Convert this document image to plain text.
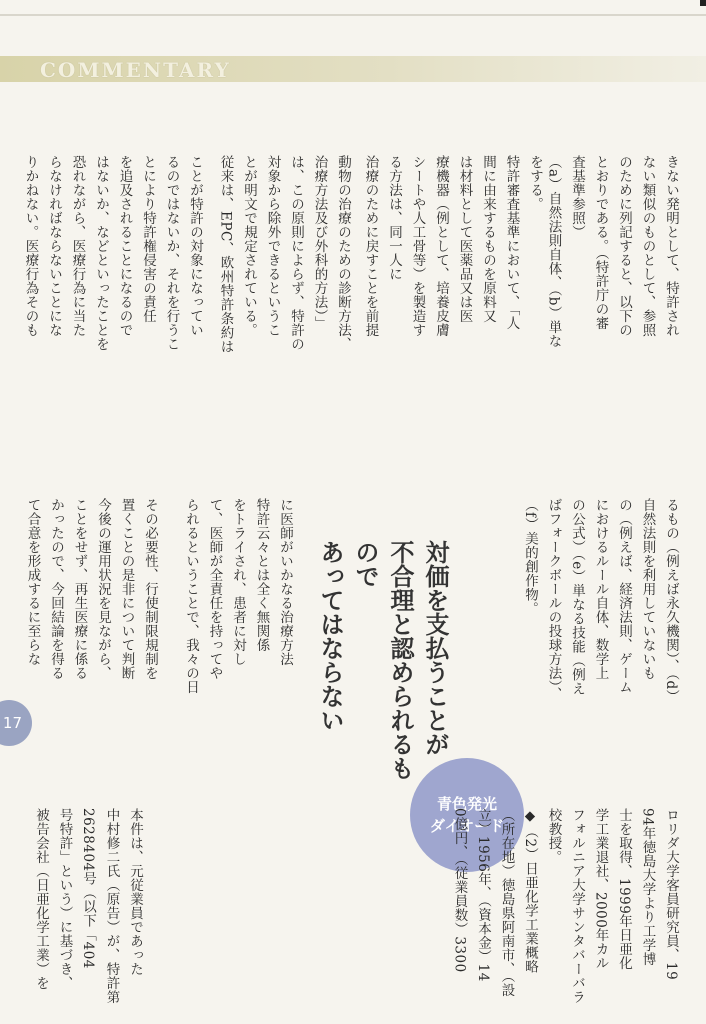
COMMENTARY
17
きない発明として、特許され
ない類似のものとして、参照
のために列記すると、以下の
とおりである。（特許庁の審
査基準参照）
（a）自然法則自体、（b）単な
をする。
特許審査基準において、「人
間に由来するものを原料又
は材料として医薬品又は医
療機器（例として、培養皮膚
シートや人工骨等）を製造す
る方法は、同一人に
治療のために戻すことを前提
動物の治療のための診断方法、
治療方法及び外科的方法）」
は、この原則によらず、特許の
対象から除外できるというこ
とが明文で規定されている。
従来は、EPC、欧州特許条約は
ことが特許の対象になってい
るのではないか、それを行うこ
とにより特許権侵害の責任
を追及されることになるので
はないか、などといったことを
恐れながら、医療行為に当た
らなければならないことにな
りかねない。医療行為そのも
るもの（例えば永久機関）、（d）
自然法則を利用していないも
の（例えば、経済法則、ゲーム
におけるルール自体、数学上
の公式）（e）単なる技能（例え
ばフォークボールの投球方法）、
（f）美的創作物。
対価を支払うことが
不合理と認められるもので
あってはならない
に医師がいかなる治療方法
特許云々とは全く無関係
をトライされ、患者に対し
て、医師が全責任を持ってや
られるということで、我々の日
その必要性、行使制限規制を
置くことの是非について判断
今後の運用状況を見ながら、
ことをせず、再生医療に係る
かったので、今回結論を得る
て合意を形成するに至らな
青色発光
ダイオード	ロリダ大学客員研究員、19
94年徳島大学より工学博
士を取得、1999年日亜化
学工業退社、2000年カル
フォルニア大学サンタバーバラ
校教授。
◆（2）日亜化学工業概略
（所在地）徳島県阿南市、（設
立）1956年、（資本金）14
0億円、（従業員数）3300
本件は、元従業員であった
中村修二氏（原告）が、特許第
2628404号（以下「404
号特許」という）に基づき、
被告会社（日亜化学工業）を
